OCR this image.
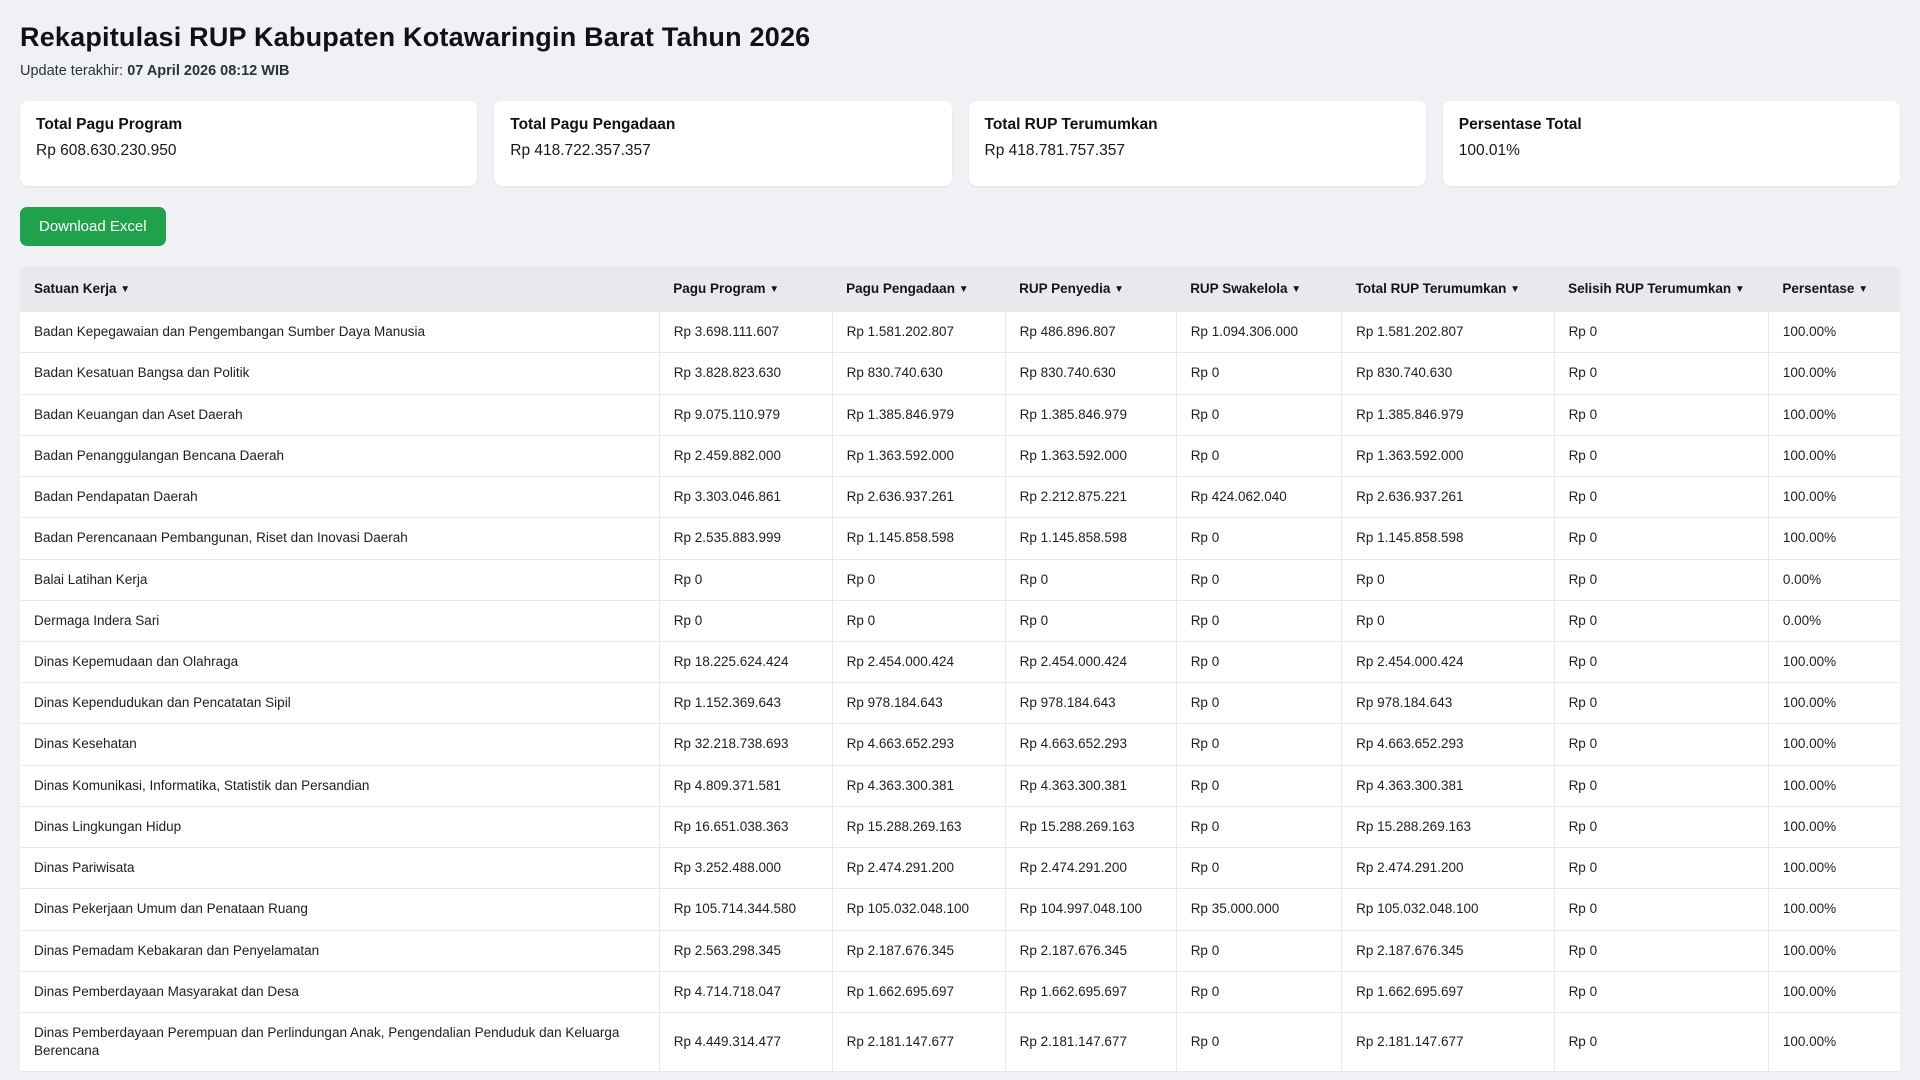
Rekapitulasi RUP Kabupaten Kotawaringin Barat Tahun 2026
Update terakhir: 07 April 2026 08:12 WIB
Total Pagu Program
Rp 608.630.230.950
Total Pagu Pengadaan
Rp 418.722.357.357
Total RUP Terumumkan
Rp 418.781.757.357
Persentase Total
100.01%
Download Excel
Satuan Kerja ▼	Pagu Program ▼	Pagu Pengadaan ▼	RUP Penyedia ▼	RUP Swakelola ▼	Total RUP Terumumkan ▼	Selisih RUP Terumumkan ▼	Persentase ▼
Badan Kepegawaian dan Pengembangan Sumber Daya Manusia	Rp 3.698.111.607	Rp 1.581.202.807	Rp 486.896.807	Rp 1.094.306.000	Rp 1.581.202.807	Rp 0	100.00%
Badan Kesatuan Bangsa dan Politik	Rp 3.828.823.630	Rp 830.740.630	Rp 830.740.630	Rp 0	Rp 830.740.630	Rp 0	100.00%
Badan Keuangan dan Aset Daerah	Rp 9.075.110.979	Rp 1.385.846.979	Rp 1.385.846.979	Rp 0	Rp 1.385.846.979	Rp 0	100.00%
Badan Penanggulangan Bencana Daerah	Rp 2.459.882.000	Rp 1.363.592.000	Rp 1.363.592.000	Rp 0	Rp 1.363.592.000	Rp 0	100.00%
Badan Pendapatan Daerah	Rp 3.303.046.861	Rp 2.636.937.261	Rp 2.212.875.221	Rp 424.062.040	Rp 2.636.937.261	Rp 0	100.00%
Badan Perencanaan Pembangunan, Riset dan Inovasi Daerah	Rp 2.535.883.999	Rp 1.145.858.598	Rp 1.145.858.598	Rp 0	Rp 1.145.858.598	Rp 0	100.00%
Balai Latihan Kerja	Rp 0	Rp 0	Rp 0	Rp 0	Rp 0	Rp 0	0.00%
Dermaga Indera Sari	Rp 0	Rp 0	Rp 0	Rp 0	Rp 0	Rp 0	0.00%
Dinas Kepemudaan dan Olahraga	Rp 18.225.624.424	Rp 2.454.000.424	Rp 2.454.000.424	Rp 0	Rp 2.454.000.424	Rp 0	100.00%
Dinas Kependudukan dan Pencatatan Sipil	Rp 1.152.369.643	Rp 978.184.643	Rp 978.184.643	Rp 0	Rp 978.184.643	Rp 0	100.00%
Dinas Kesehatan	Rp 32.218.738.693	Rp 4.663.652.293	Rp 4.663.652.293	Rp 0	Rp 4.663.652.293	Rp 0	100.00%
Dinas Komunikasi, Informatika, Statistik dan Persandian	Rp 4.809.371.581	Rp 4.363.300.381	Rp 4.363.300.381	Rp 0	Rp 4.363.300.381	Rp 0	100.00%
Dinas Lingkungan Hidup	Rp 16.651.038.363	Rp 15.288.269.163	Rp 15.288.269.163	Rp 0	Rp 15.288.269.163	Rp 0	100.00%
Dinas Pariwisata	Rp 3.252.488.000	Rp 2.474.291.200	Rp 2.474.291.200	Rp 0	Rp 2.474.291.200	Rp 0	100.00%
Dinas Pekerjaan Umum dan Penataan Ruang	Rp 105.714.344.580	Rp 105.032.048.100	Rp 104.997.048.100	Rp 35.000.000	Rp 105.032.048.100	Rp 0	100.00%
Dinas Pemadam Kebakaran dan Penyelamatan	Rp 2.563.298.345	Rp 2.187.676.345	Rp 2.187.676.345	Rp 0	Rp 2.187.676.345	Rp 0	100.00%
Dinas Pemberdayaan Masyarakat dan Desa	Rp 4.714.718.047	Rp 1.662.695.697	Rp 1.662.695.697	Rp 0	Rp 1.662.695.697	Rp 0	100.00%
Dinas Pemberdayaan Perempuan dan Perlindungan Anak, Pengendalian Penduduk dan Keluarga Berencana	Rp 4.449.314.477	Rp 2.181.147.677	Rp 2.181.147.677	Rp 0	Rp 2.181.147.677	Rp 0	100.00%
